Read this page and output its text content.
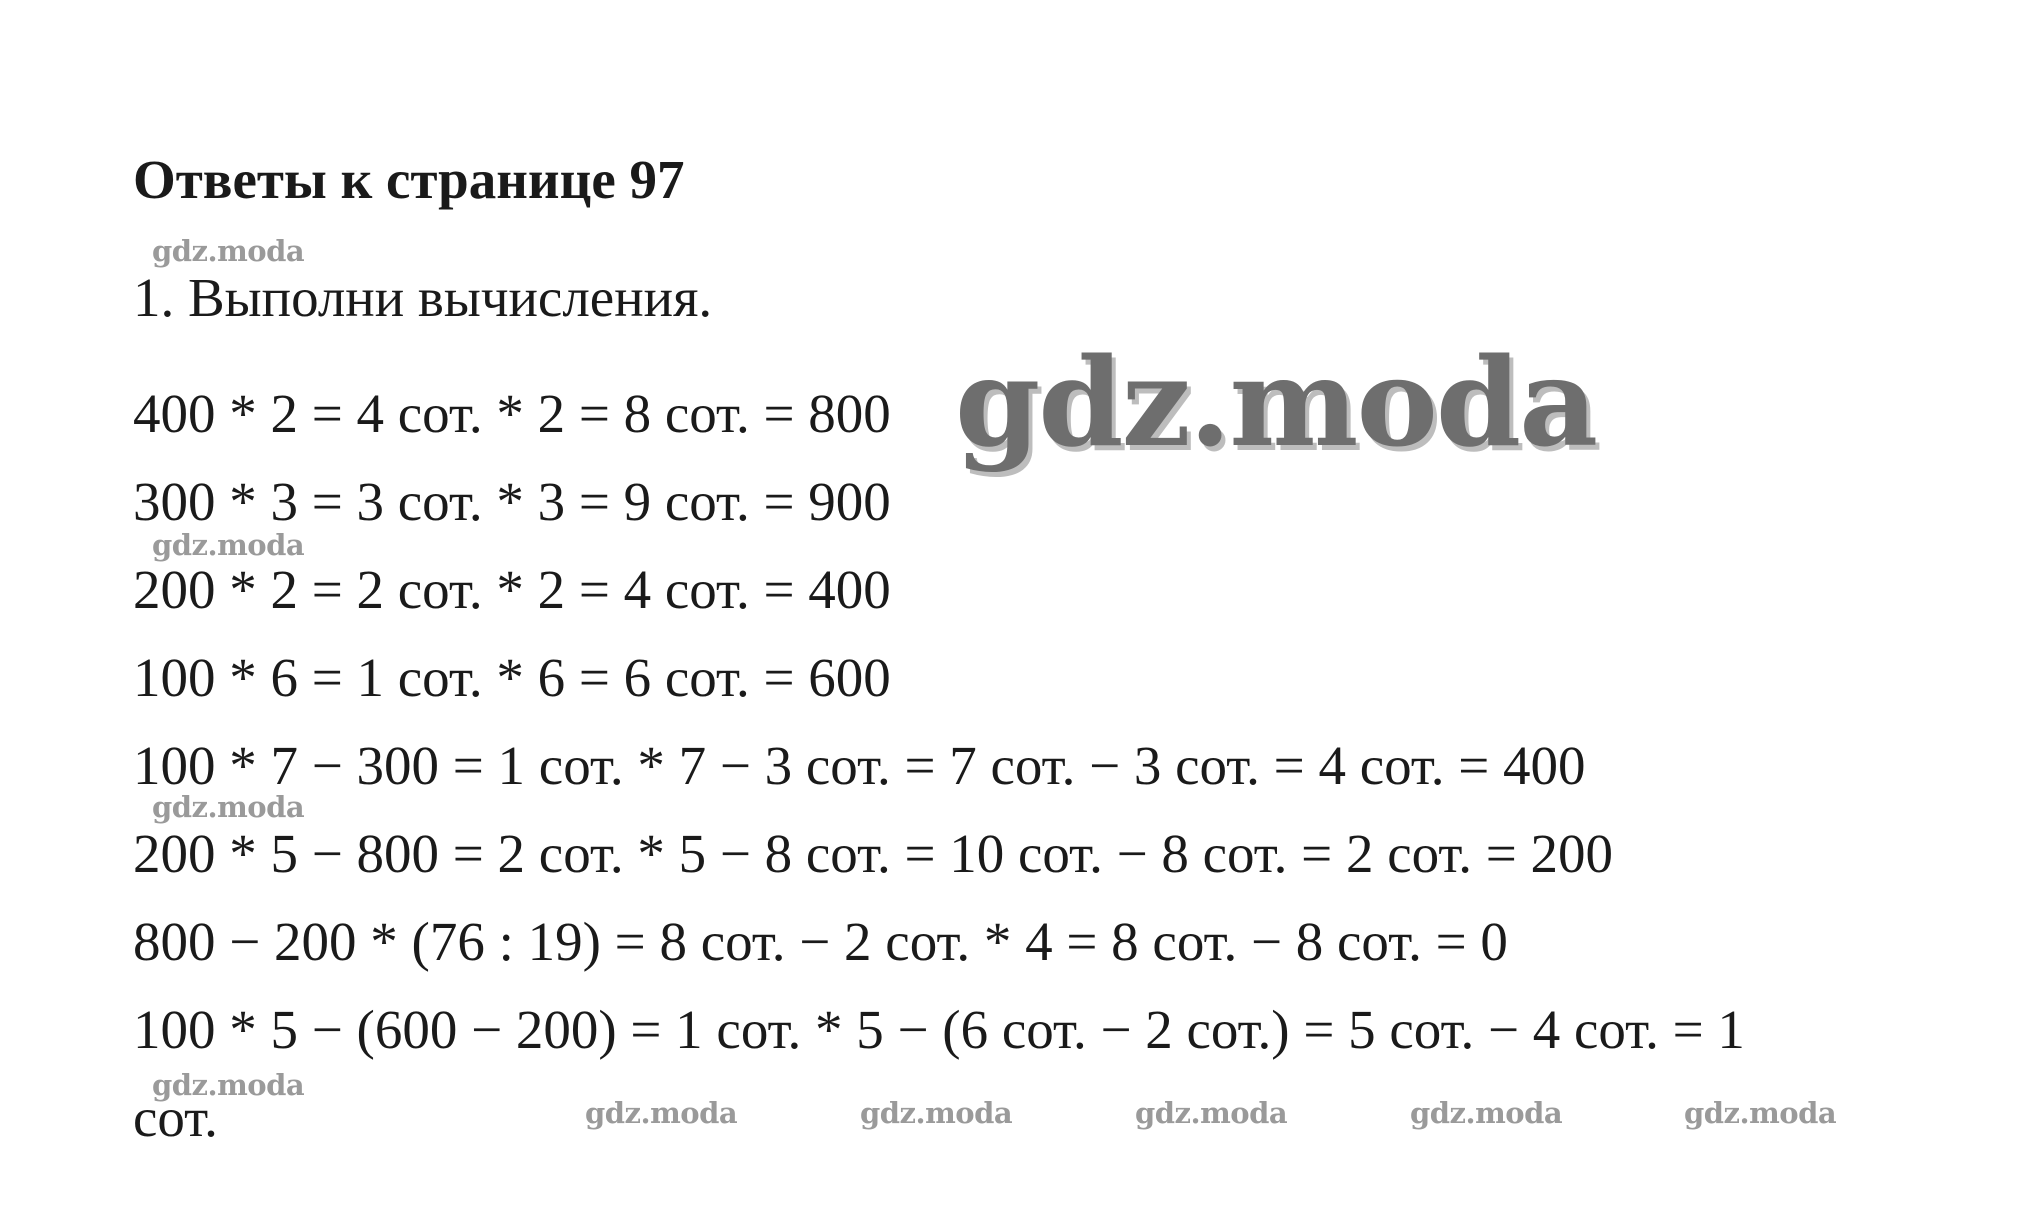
Ответы к странице 97
gdz.moda
1. Выполни вычисления.
400 * 2 = 4 сот. * 2 = 8 сот. = 800 gdz.moda
300 * 3 = 3 сот. * 3 = 9 сот. = 900
gdz.moda
200 * 2 = 2 сот. * 2 = 4 сот. = 400
100 * 6 = 1 сот. * 6 = 6 сот. = 600
100 * 7 − 300 = 1 сот. * 7 − 3 сот. = 7 сот. − 3 сот. = 4 сот. = 400
gdz.moda
200 * 5 − 800 = 2 сот. * 5 − 8 сот. = 10 сот. − 8 сот. = 2 сот. = 200
800 − 200 * (76 : 19) = 8 сот. − 2 сот. * 4 = 8 сот. − 8 сот. = 0
100 * 5 − (600 − 200) = 1 сот. * 5 − (6 сот. − 2 сот.) = 5 сот. − 4 сот. = 1
gdz.moda
сот.	gdz.moda	gdz.moda	gdz.moda	gdz.moda	gdz.moda
